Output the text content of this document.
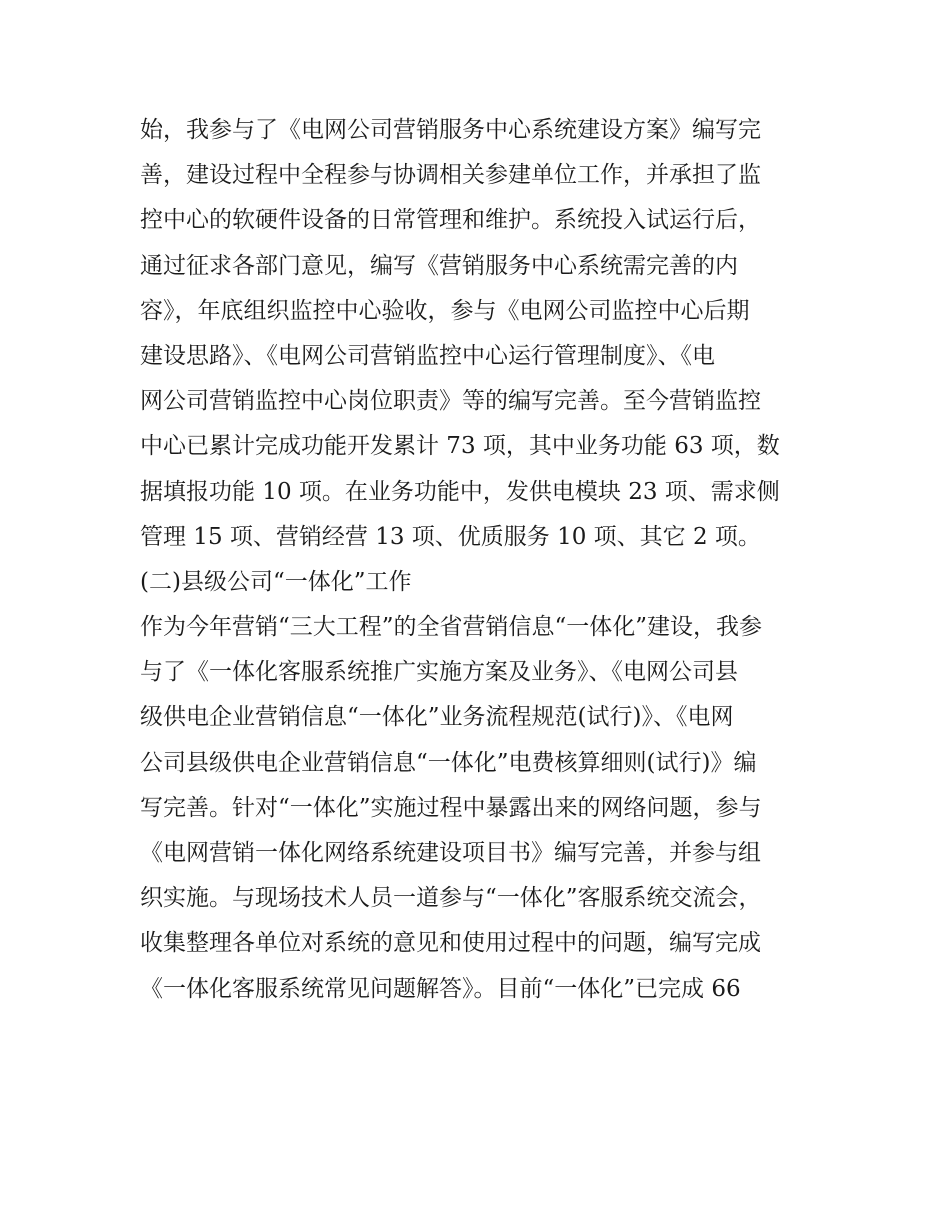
始，我参与了《电网公司营销服务中心系统建设方案》编写完
善，建设过程中全程参与协调相关参建单位工作，并承担了监
控中心的软硬件设备的日常管理和维护。系统投入试运行后，
通过征求各部门意见，编写《营销服务中心系统需完善的内
容》，年底组织监控中心验收，参与《电网公司监控中心后期
建设思路》、《电网公司营销监控中心运行管理制度》、《电
网公司营销监控中心岗位职责》等的编写完善。至今营销监控
中心已累计完成功能开发累计 73 项，其中业务功能 63 项，数
据填报功能 10 项。在业务功能中，发供电模块 23 项、需求侧
管理 15 项、营销经营 13 项、优质服务 10 项、其它 2 项。
(二)县级公司“一体化”工作
作为今年营销“三大工程”的全省营销信息“一体化”建设，我参
与了《一体化客服系统推广实施方案及业务》、《电网公司县
级供电企业营销信息“一体化”业务流程规范(试行)》、《电网
公司县级供电企业营销信息“一体化”电费核算细则(试行)》编
写完善。针对“一体化”实施过程中暴露出来的网络问题，参与
《电网营销一体化网络系统建设项目书》编写完善，并参与组
织实施。与现场技术人员一道参与“一体化”客服系统交流会，
收集整理各单位对系统的意见和使用过程中的问题，编写完成
《一体化客服系统常见问题解答》。目前“一体化”已完成 66
